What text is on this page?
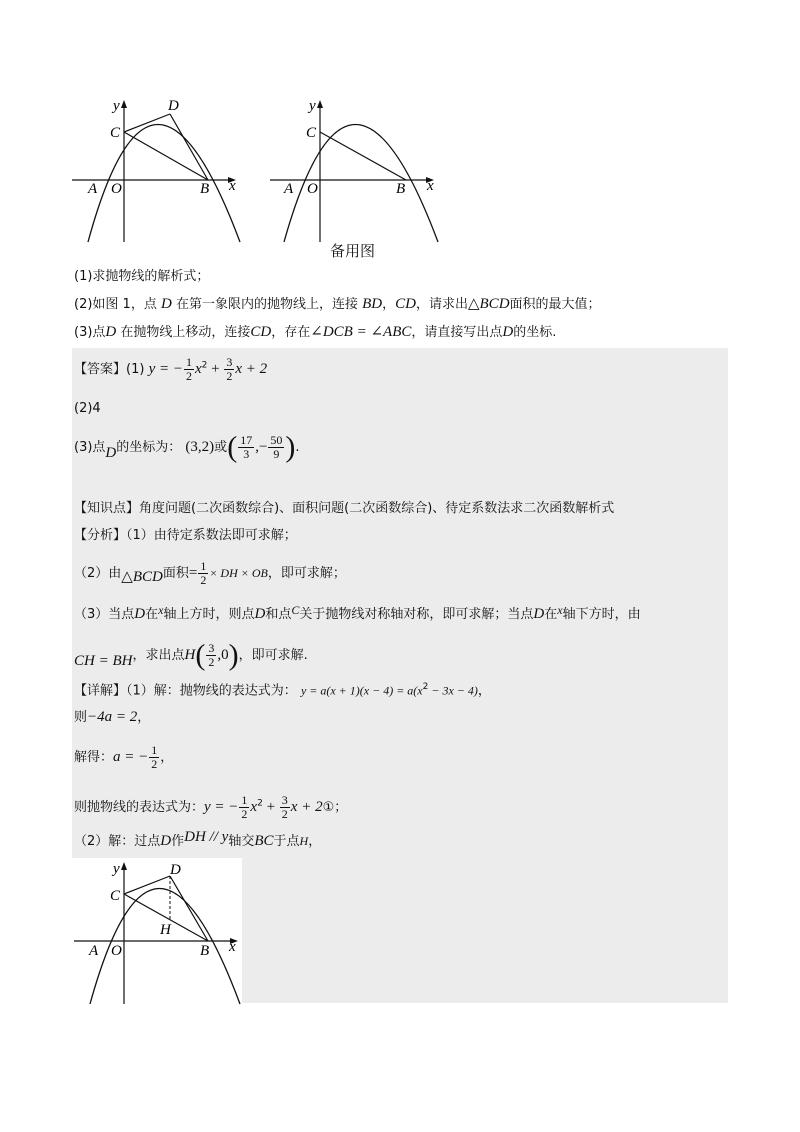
y
x
C
D
A O	B
y
x
C
A O	B
备用图
(1)求抛物线的解析式；
(2)如图 1，点 D 在第一象限内的抛物线上，连接 BD，CD，请求出△BCD面积的最大值；
(3)点D 在抛物线上移动，连接CD，存在∠DCB = ∠ABC，请直接写出点D的坐标.
【答案】(1) y = − $\frac{1}{2} x^2 + \frac{3}{2}$ x + 2
(2)4
(3)点D的坐标为： (3,2)或( $\frac{17}{3}$ ,− $\frac{50}{9}$ ).
【知识点】角度问题(二次函数综合)、面积问题(二次函数综合)、待定系数法求二次函数解析式
【分析】（1）由待定系数法即可求解；
（2）由△BCD面积= $\frac{1}{2}$ × DH × OB，即可求解；
（3）当点D在x轴上方时，则点D和点C关于抛物线对称轴对称，即可求解；当点D在x轴下方时，由
CH = BH，求出点$H( \frac{3}{2} ,0)$，即可求解.
【详解】（1）解：抛物线的表达式为： $y = a(x + 1)(x - 4) = a(x^2 - 3x - 4)$，
则−4a = 2，
解得：a = − $\frac{1}{2}$ ，
则抛物线的表达式为：y = − $\frac{1}{2} x^2 + \frac{3}{2}$ x + 2①；
（2）解：过点D作DH // y轴交BC于点H，
y
x
C
D
H
A O	B
